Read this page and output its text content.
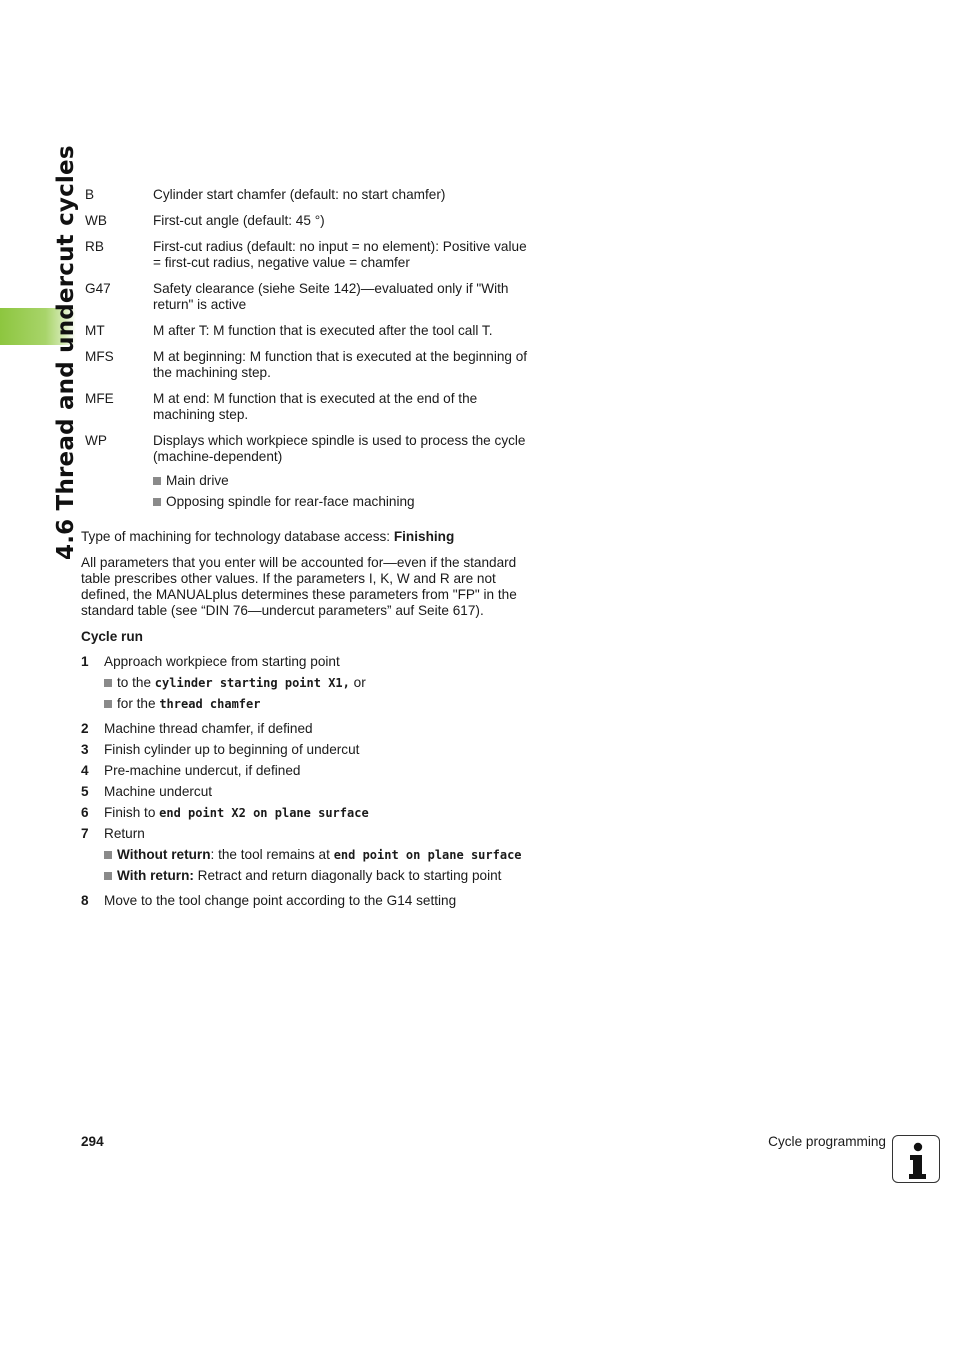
4.6 Thread and undercut cycles B	Cylinder start chamfer (default: no start chamfer)
WB	First-cut angle (default: 45 °)
RB	First-cut radius (default: no input = no element): Positive value = first-cut radius, negative value = chamfer
G47	Safety clearance (siehe Seite 142)—evaluated only if "With return" is active
MT	M after T: M function that is executed after the tool call T.
MFS	M at beginning: M function that is executed at the beginning of the machining step.
MFE	M at end: M function that is executed at the end of the machining step.
WP	Displays which workpiece spindle is used to process the cycle (machine-dependent)
Main drive
Opposing spindle for rear-face machining
Type of machining for technology database access: Finishing
All parameters that you enter will be accounted for—even if the standard table prescribes other values. If the parameters I, K, W and R are not defined, the MANUALplus determines these parameters from "FP" in the standard table (see “DIN 76—undercut parameters” auf Seite 617).
Cycle run
1	Approach workpiece from starting point
to the cylinder starting point X1, or
for the thread chamfer
2	Machine thread chamfer, if defined
3	Finish cylinder up to beginning of undercut
4	Pre-machine undercut, if defined
5	Machine undercut
6	Finish to end point X2 on plane surface
7	Return
Without return: the tool remains at end point on plane surface
With return: Retract and return diagonally back to starting point
8	Move to the tool change point according to the G14 setting
294	Cycle programming
